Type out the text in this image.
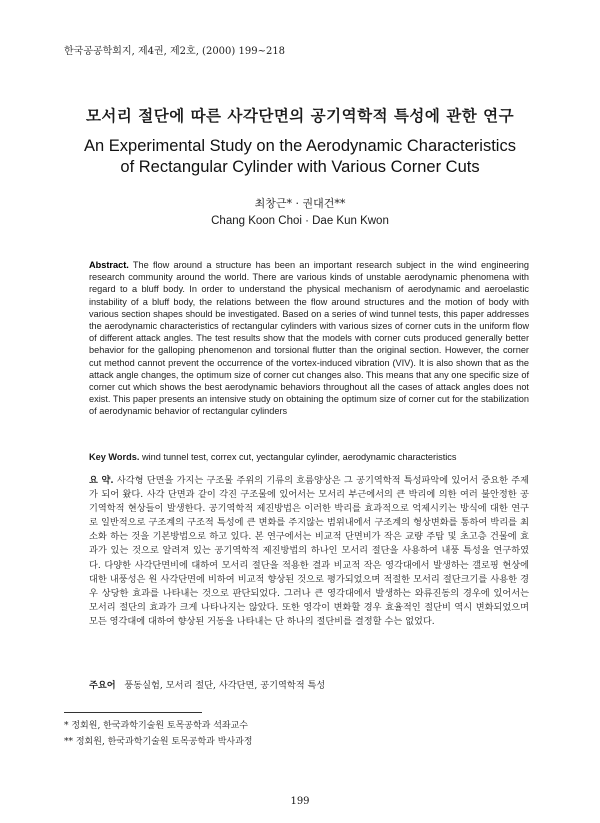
한국공공학회지, 제4권, 제2호, (2000) 199~218
모서리 절단에 따른 사각단면의 공기역학적 특성에 관한 연구
An Experimental Study on the Aerodynamic Characteristics
of Rectangular Cylinder with Various Corner Cuts
최창근* · 권대건**
Chang Koon Choi · Dae Kun Kwon
Abstract. The flow around a structure has been an important research subject in the wind engineering research community around the world. There are various kinds of unstable aerodynamic phenomena with regard to a bluff body. In order to understand the physical mechanism of aerodynamic and aeroelastic instability of a bluff body, the relations between the flow around structures and the motion of body with various section shapes should be investigated. Based on a series of wind tunnel tests, this paper addresses the aerodynamic characteristics of rectangular cylinders with various sizes of corner cuts in the uniform flow of different attack angles. The test results show that the models with corner cuts produced generally better behavior for the galloping phenomenon and torsional flutter than the original section. However, the corner cut method cannot prevent the occurrence of the vortex-induced vibration (VIV). It is also shown that as the attack angle changes, the optimum size of corner cut changes also. This means that any one specific size of corner cut which shows the best aerodynamic behaviors throughout all the cases of attack angles does not exist. This paper presents an intensive study on obtaining the optimum size of corner cut for the stabilization of aerodynamic behavior of rectangular cylinders
Key Words. wind tunnel test, correx cut, yectangular cylinder, aerodynamic characteristics
요 약. 사각형 단면을 가지는 구조물 주위의 기류의 흐름양상은 그 공기역학적 특성파악에 있어서 중요한 주제가 되어 왔다. 사각 단면과 같이 각진 구조물에 있어서는 모서리 부근에서의 큰 박리에 의한 여러 불안정한 공기역학적 현상들이 발생한다. 공기역학적 제진방법은 이러한 박리를 효과적으로 억제시키는 방식에 대한 연구로 일반적으로 구조계의 구조적 특성에 큰 변화를 주지않는 범위내에서 구조계의 형상변화를 통하여 박리를 최소화 하는 것을 기본방법으로 하고 있다. 본 연구에서는 비교적 단면비가 작은 교량 주탑 및 초고층 건물에 효과가 있는 것으로 알려져 있는 공기역학적 제진방법의 하나인 모서리 절단을 사용하여 내풍 특성을 연구하였다. 다양한 사각단면비에 대하여 모서리 절단을 적용한 결과 비교적 작은 영각대에서 발생하는 갤로핑 현상에 대한 내풍성은 원 사각단면에 비하여 비교적 향상된 것으로 평가되었으며 적절한 모서리 절단크기를 사용한 경우 상당한 효과를 나타내는 것으로 판단되었다. 그러나 큰 영각대에서 발생하는 와류진동의 경우에 있어서는 모서리 절단의 효과가 크게 나타나지는 않았다. 또한 영각이 변화할 경우 효율적인 절단비 역시 변화되었으며 모든 영각대에 대하여 향상된 거동을 나타내는 단 하나의 절단비를 결정할 수는 없었다.
주요어 풍동실험, 모서리 절단, 사각단면, 공기역학적 특성
* 정회원, 한국과학기술원 토목공학과 석좌교수
** 정회원, 한국과학기술원 토목공학과 박사과정
199
